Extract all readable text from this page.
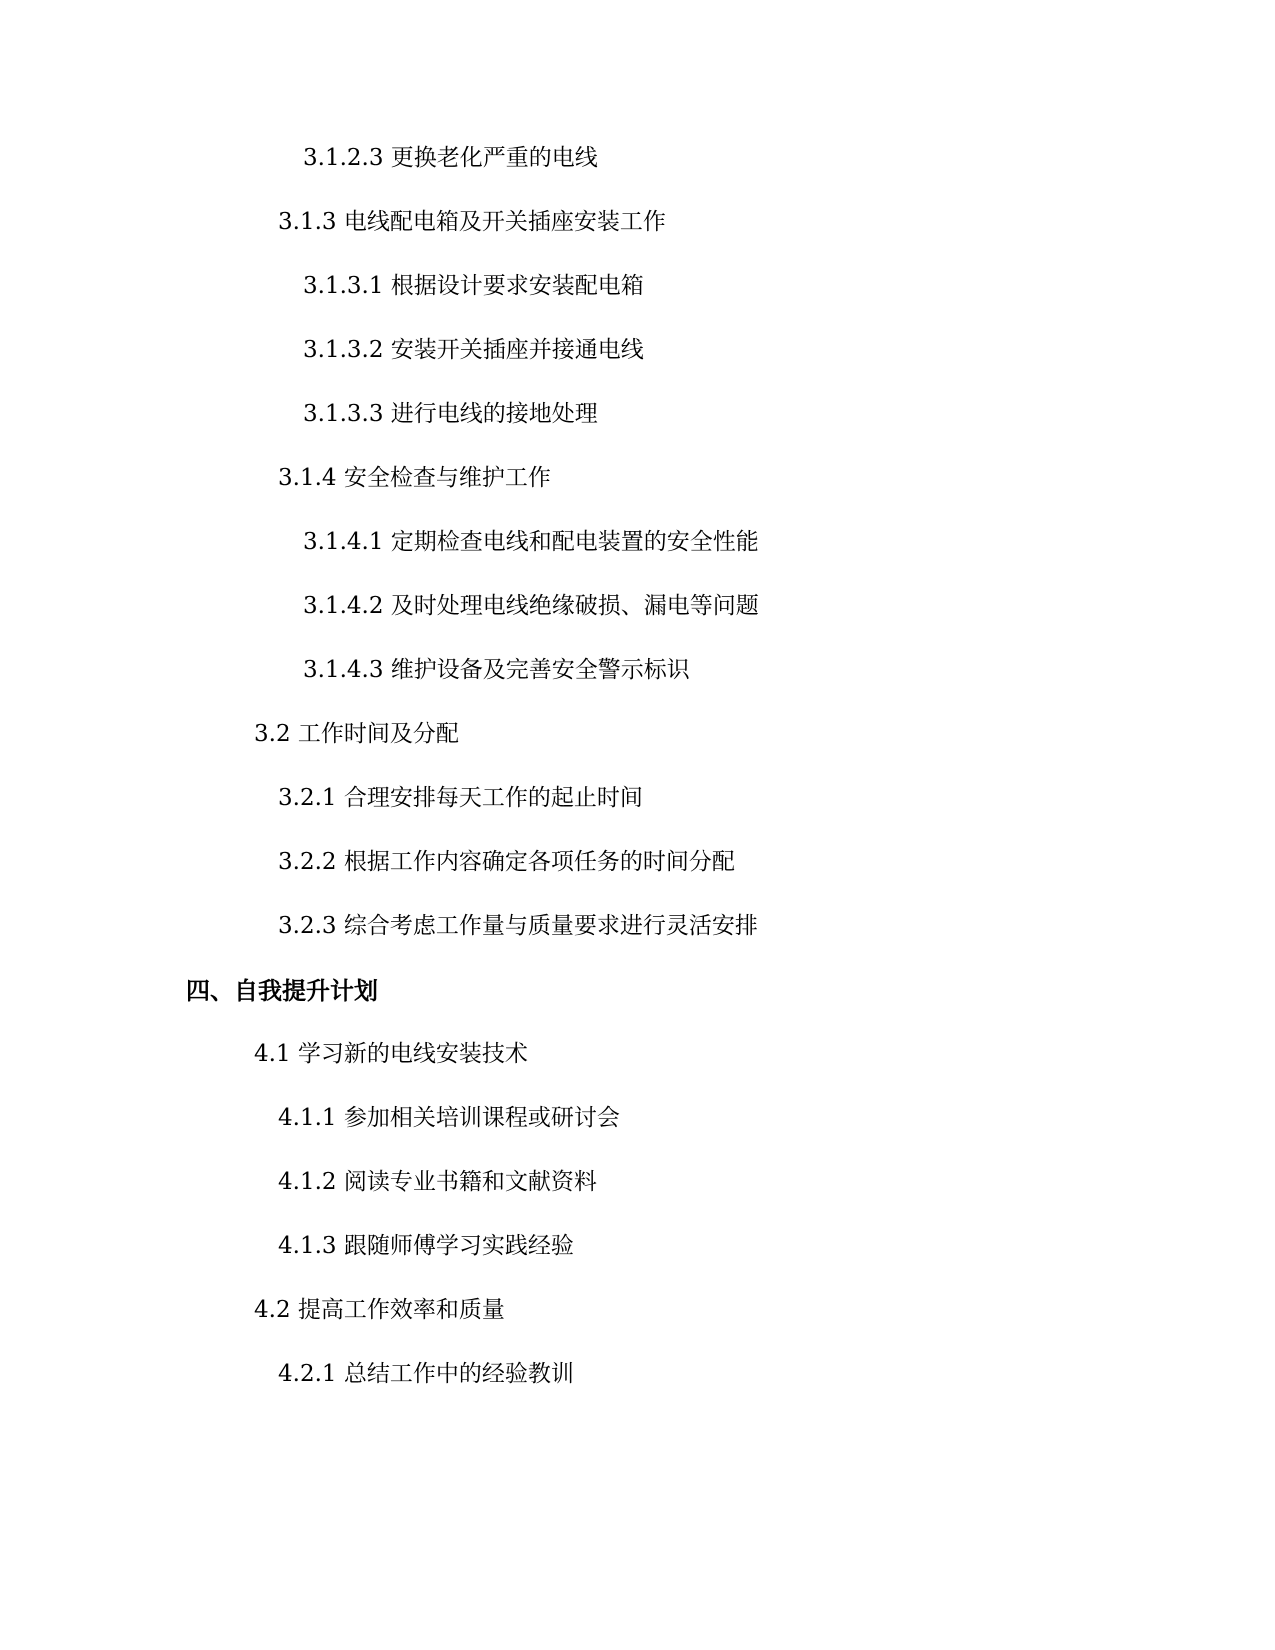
3.1.2.3 更换老化严重的电线
3.1.3 电线配电箱及开关插座安装工作
3.1.3.1 根据设计要求安装配电箱
3.1.3.2 安装开关插座并接通电线
3.1.3.3 进行电线的接地处理
3.1.4 安全检查与维护工作
3.1.4.1 定期检查电线和配电装置的安全性能
3.1.4.2 及时处理电线绝缘破损、漏电等问题
3.1.4.3 维护设备及完善安全警示标识
3.2 工作时间及分配
3.2.1 合理安排每天工作的起止时间
3.2.2 根据工作内容确定各项任务的时间分配
3.2.3 综合考虑工作量与质量要求进行灵活安排
四、自我提升计划
4.1 学习新的电线安装技术
4.1.1 参加相关培训课程或研讨会
4.1.2 阅读专业书籍和文献资料
4.1.3 跟随师傅学习实践经验
4.2 提高工作效率和质量
4.2.1 总结工作中的经验教训
